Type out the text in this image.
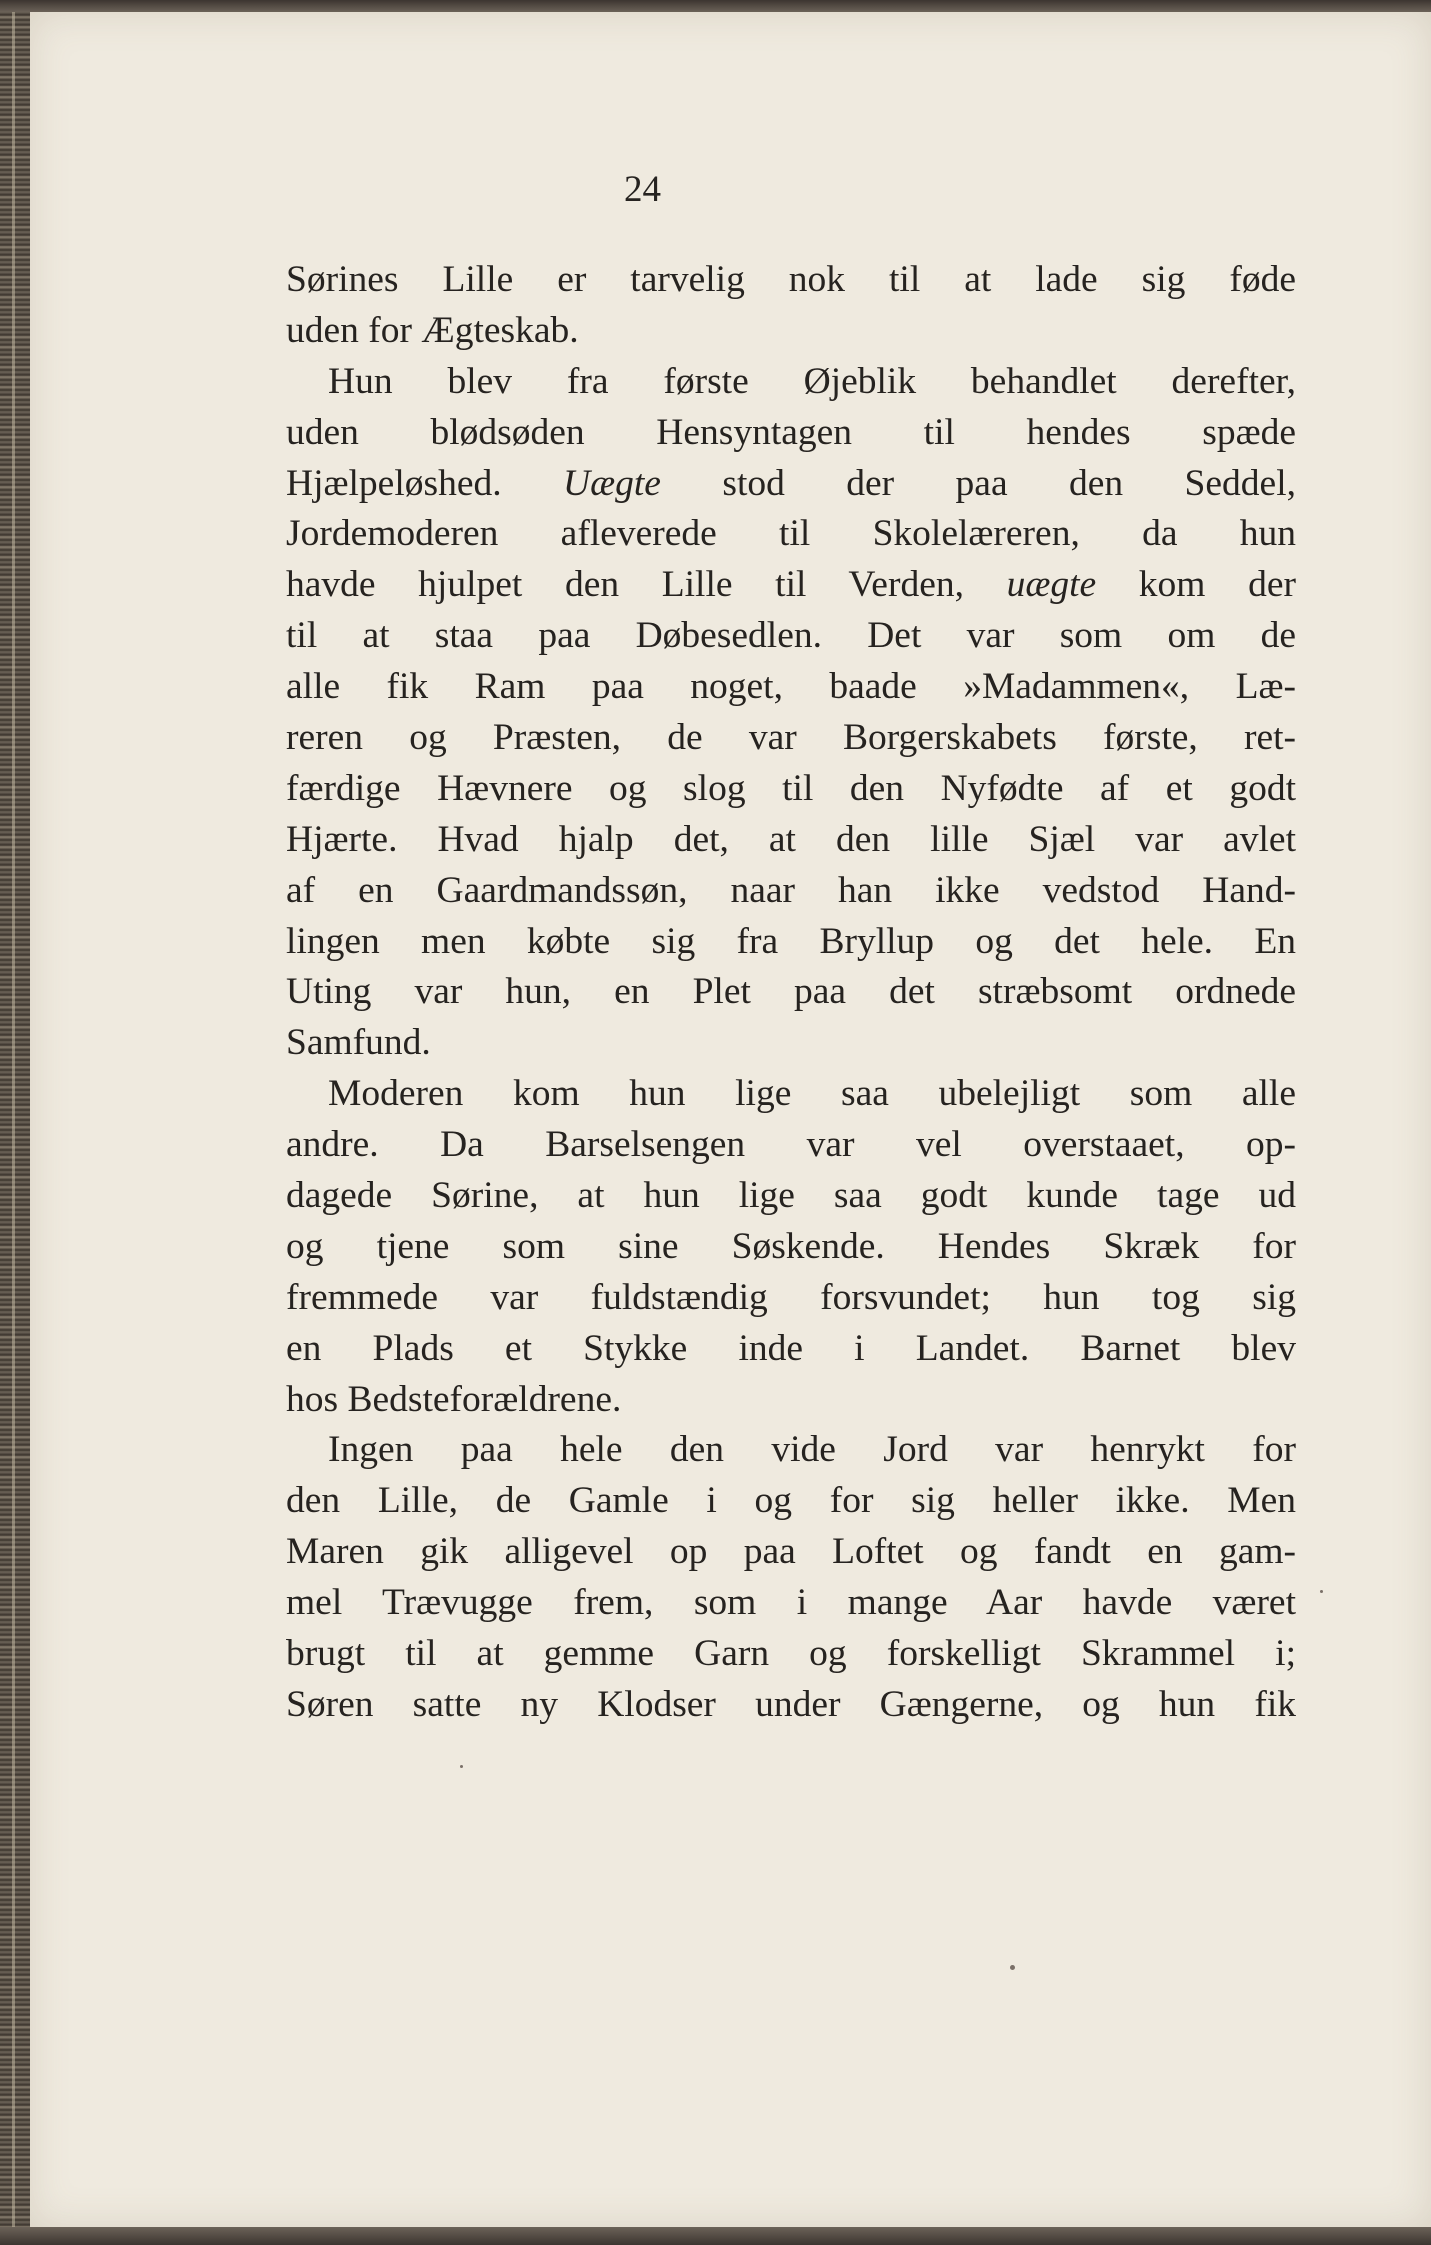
24
Sørines Lille er tarvelig nok til at lade sig føde
uden for Ægteskab.
Hun blev fra første Øjeblik behandlet derefter,
uden blødsøden Hensyntagen til hendes spæde
Hjælpeløshed. Uægte stod der paa den Seddel,
Jordemoderen afleverede til Skolelæreren, da hun
havde hjulpet den Lille til Verden, uægte kom der
til at staa paa Døbesedlen. Det var som om de
alle fik Ram paa noget, baade »Madammen«, Læ-
reren og Præsten, de var Borgerskabets første, ret-
færdige Hævnere og slog til den Nyfødte af et godt
Hjærte. Hvad hjalp det, at den lille Sjæl var avlet
af en Gaardmandssøn, naar han ikke vedstod Hand-
lingen men købte sig fra Bryllup og det hele. En
Uting var hun, en Plet paa det stræbsomt ordnede
Samfund.
Moderen kom hun lige saa ubelejligt som alle
andre. Da Barselsengen var vel overstaaet, op-
dagede Sørine, at hun lige saa godt kunde tage ud
og tjene som sine Søskende. Hendes Skræk for
fremmede var fuldstændig forsvundet; hun tog sig
en Plads et Stykke inde i Landet. Barnet blev
hos Bedsteforældrene.
Ingen paa hele den vide Jord var henrykt for
den Lille, de Gamle i og for sig heller ikke. Men
Maren gik alligevel op paa Loftet og fandt en gam-
mel Trævugge frem, som i mange Aar havde været
brugt til at gemme Garn og forskelligt Skrammel i;
Søren satte ny Klodser under Gængerne, og hun fik
